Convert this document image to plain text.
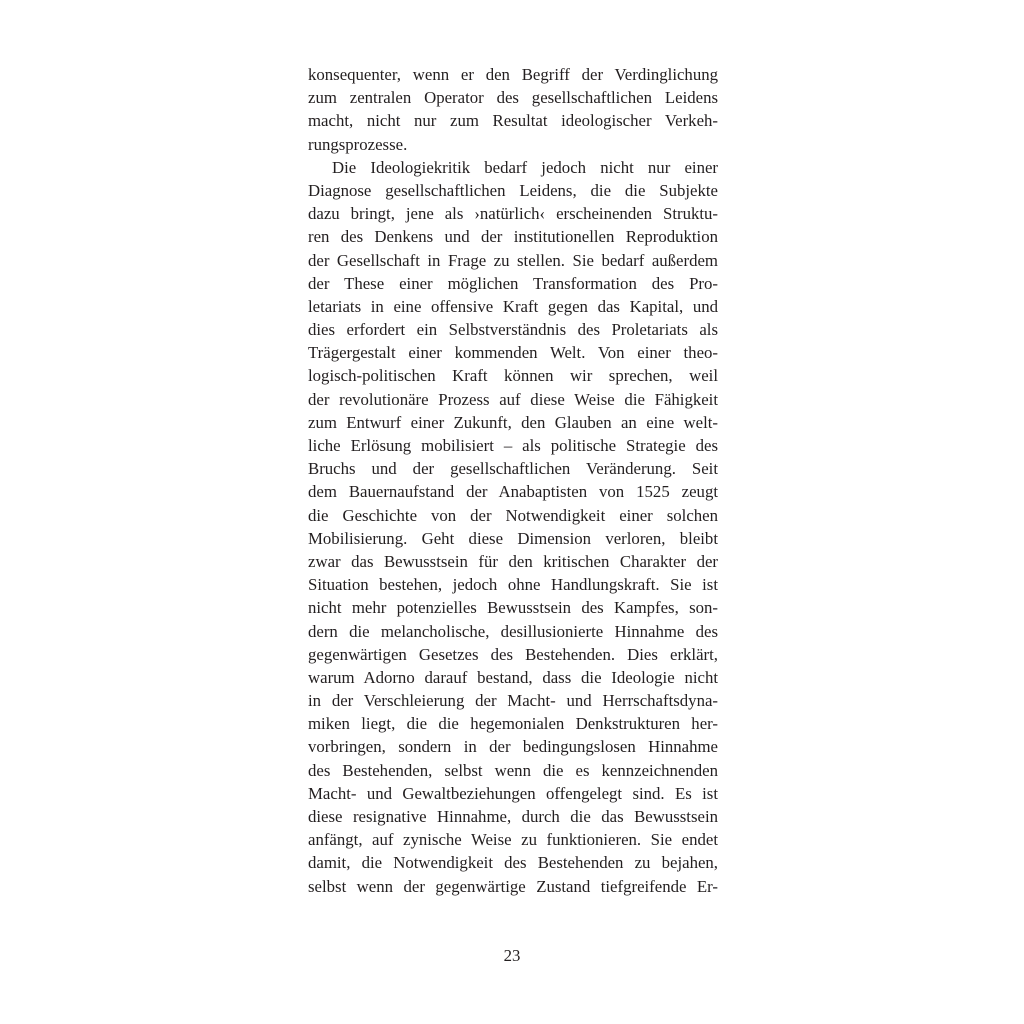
konsequenter, wenn er den Begriff der Verdinglichung
zum zentralen Operator des gesellschaftlichen Leidens
macht, nicht nur zum Resultat ideologischer Verkeh-
rungsprozesse.
Die Ideologiekritik bedarf jedoch nicht nur einer
Diagnose gesellschaftlichen Leidens, die die Subjekte
dazu bringt, jene als ›natürlich‹ erscheinenden Struktu-
ren des Denkens und der institutionellen Reproduktion
der Gesellschaft in Frage zu stellen. Sie bedarf außerdem
der These einer möglichen Transformation des Pro-
letariats in eine offensive Kraft gegen das Kapital, und
dies erfordert ein Selbstverständnis des Proletariats als
Trägergestalt einer kommenden Welt. Von einer theo-
logisch-politischen Kraft können wir sprechen, weil
der revolutionäre Prozess auf diese Weise die Fähigkeit
zum Entwurf einer Zukunft, den Glauben an eine welt-
liche Erlösung mobilisiert – als politische Strategie des
Bruchs und der gesellschaftlichen Veränderung. Seit
dem Bauernaufstand der Anabaptisten von 1525 zeugt
die Geschichte von der Notwendigkeit einer solchen
Mobilisierung. Geht diese Dimension verloren, bleibt
zwar das Bewusstsein für den kritischen Charakter der
Situation bestehen, jedoch ohne Handlungskraft. Sie ist
nicht mehr potenzielles Bewusstsein des Kampfes, son-
dern die melancholische, desillusionierte Hinnahme des
gegenwärtigen Gesetzes des Bestehenden. Dies erklärt,
warum Adorno darauf bestand, dass die Ideologie nicht
in der Verschleierung der Macht- und Herrschaftsdyna-
miken liegt, die die hegemonialen Denkstrukturen her-
vorbringen, sondern in der bedingungslosen Hinnahme
des Bestehenden, selbst wenn die es kennzeichnenden
Macht- und Gewaltbeziehungen offengelegt sind. Es ist
diese resignative Hinnahme, durch die das Bewusstsein
anfängt, auf zynische Weise zu funktionieren. Sie endet
damit, die Notwendigkeit des Bestehenden zu bejahen,
selbst wenn der gegenwärtige Zustand tiefgreifende Er-
23
